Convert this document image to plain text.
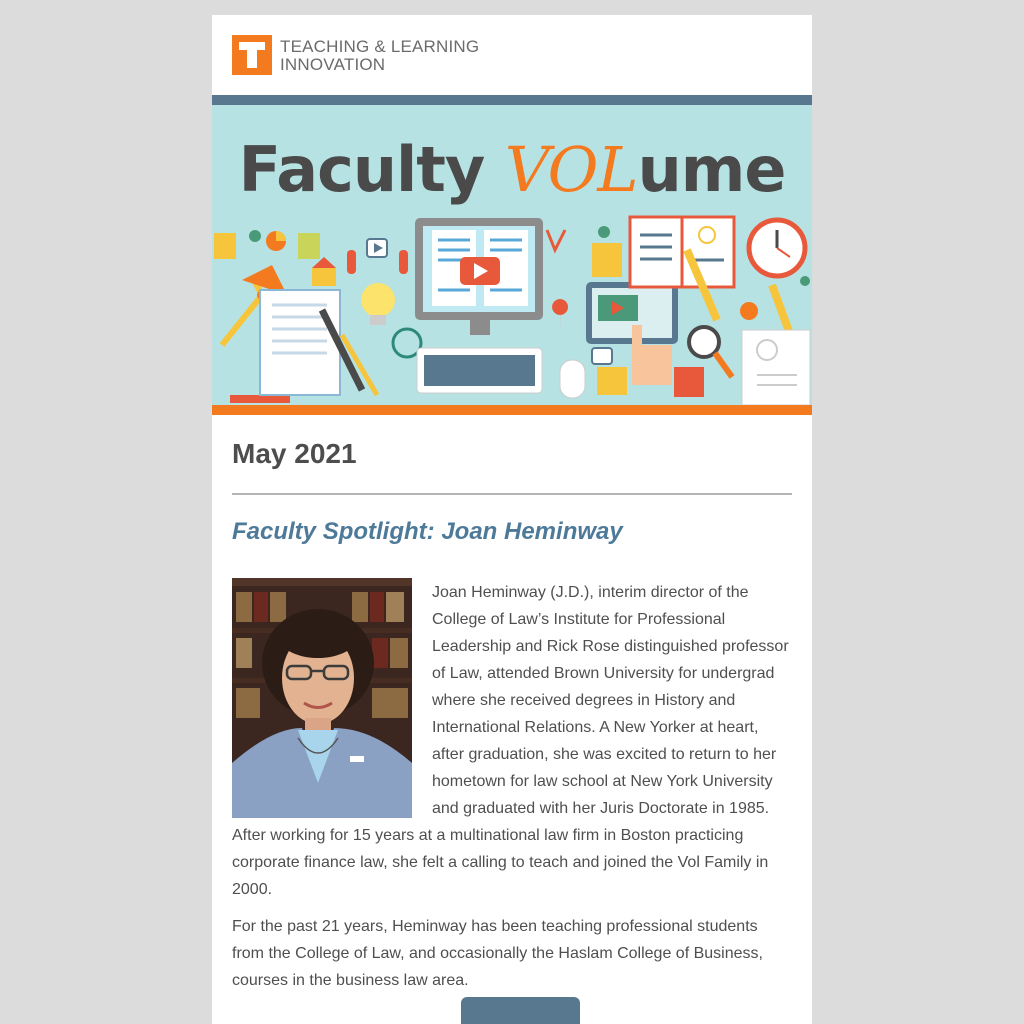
TEACHING & LEARNING
INNOVATION
Faculty VOLume
May 2021
Faculty Spotlight: Joan Heminway

Joan Heminway (J.D.), interim director of the College of Law’s Institute for Professional Leadership and Rick Rose distinguished professor of Law, attended Brown University for undergrad where she received degrees in History and International Relations. A New Yorker at heart, after graduation, she was excited to return to her hometown for law school at New York University and graduated with her Juris Doctorate in 1985. After working for 15 years at a multinational law firm in Boston practicing corporate finance law, she felt a calling to teach and joined the Vol Family in 2000.

For the past 21 years, Heminway has been teaching professional students from the College of Law, and occasionally the Haslam College of Business, courses in the business law area.
